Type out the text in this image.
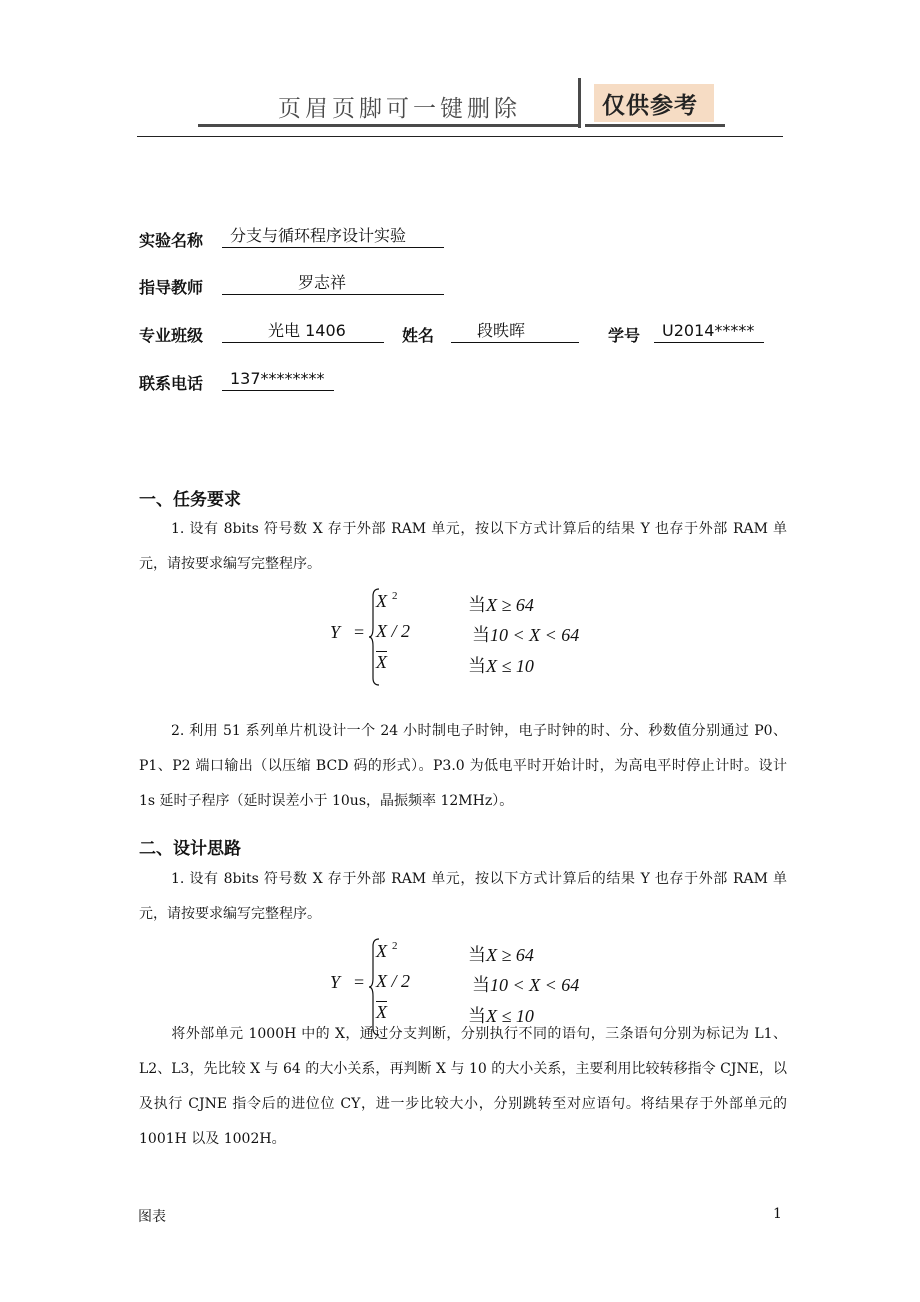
页眉页脚可一键删除	仅供参考
实验名称	分支与循环程序设计实验
指导教师	罗志祥
专业班级	光电 1406	姓名	段昳晖	学号	U2014*****
联系电话	137********
一、任务要求
1. 设有 8bits 符号数 X 存于外部 RAM 单元，按以下方式计算后的结果 Y 也存于外部 RAM 单元，请按要求编写完整程序。
Y =
X 2	当X ≥ 64
X / 2	当10 < X < 64
$\overline{X}$	当X ≤ 10
2. 利用 51 系列单片机设计一个 24 小时制电子时钟，电子时钟的时、分、秒数值分别通过 P0、P1、P2 端口输出（以压缩 BCD 码的形式）。P3.0 为低电平时开始计时，为高电平时停止计时。设计 1s 延时子程序（延时误差小于 10us，晶振频率 12MHz）。
二、设计思路
1. 设有 8bits 符号数 X 存于外部 RAM 单元，按以下方式计算后的结果 Y 也存于外部 RAM 单元，请按要求编写完整程序。
Y =
X 2	当X ≥ 64
X / 2	当10 < X < 64
$\overline{X}$	当X ≤ 10
将外部单元 1000H 中的 X，通过分支判断，分别执行不同的语句，三条语句分别为标记为 L1、L2、L3，先比较 X 与 64 的大小关系，再判断 X 与 10 的大小关系，主要利用比较转移指令 CJNE，以及执行 CJNE 指令后的进位位 CY，进一步比较大小，分别跳转至对应语句。将结果存于外部单元的 1001H 以及 1002H。
图表	1
